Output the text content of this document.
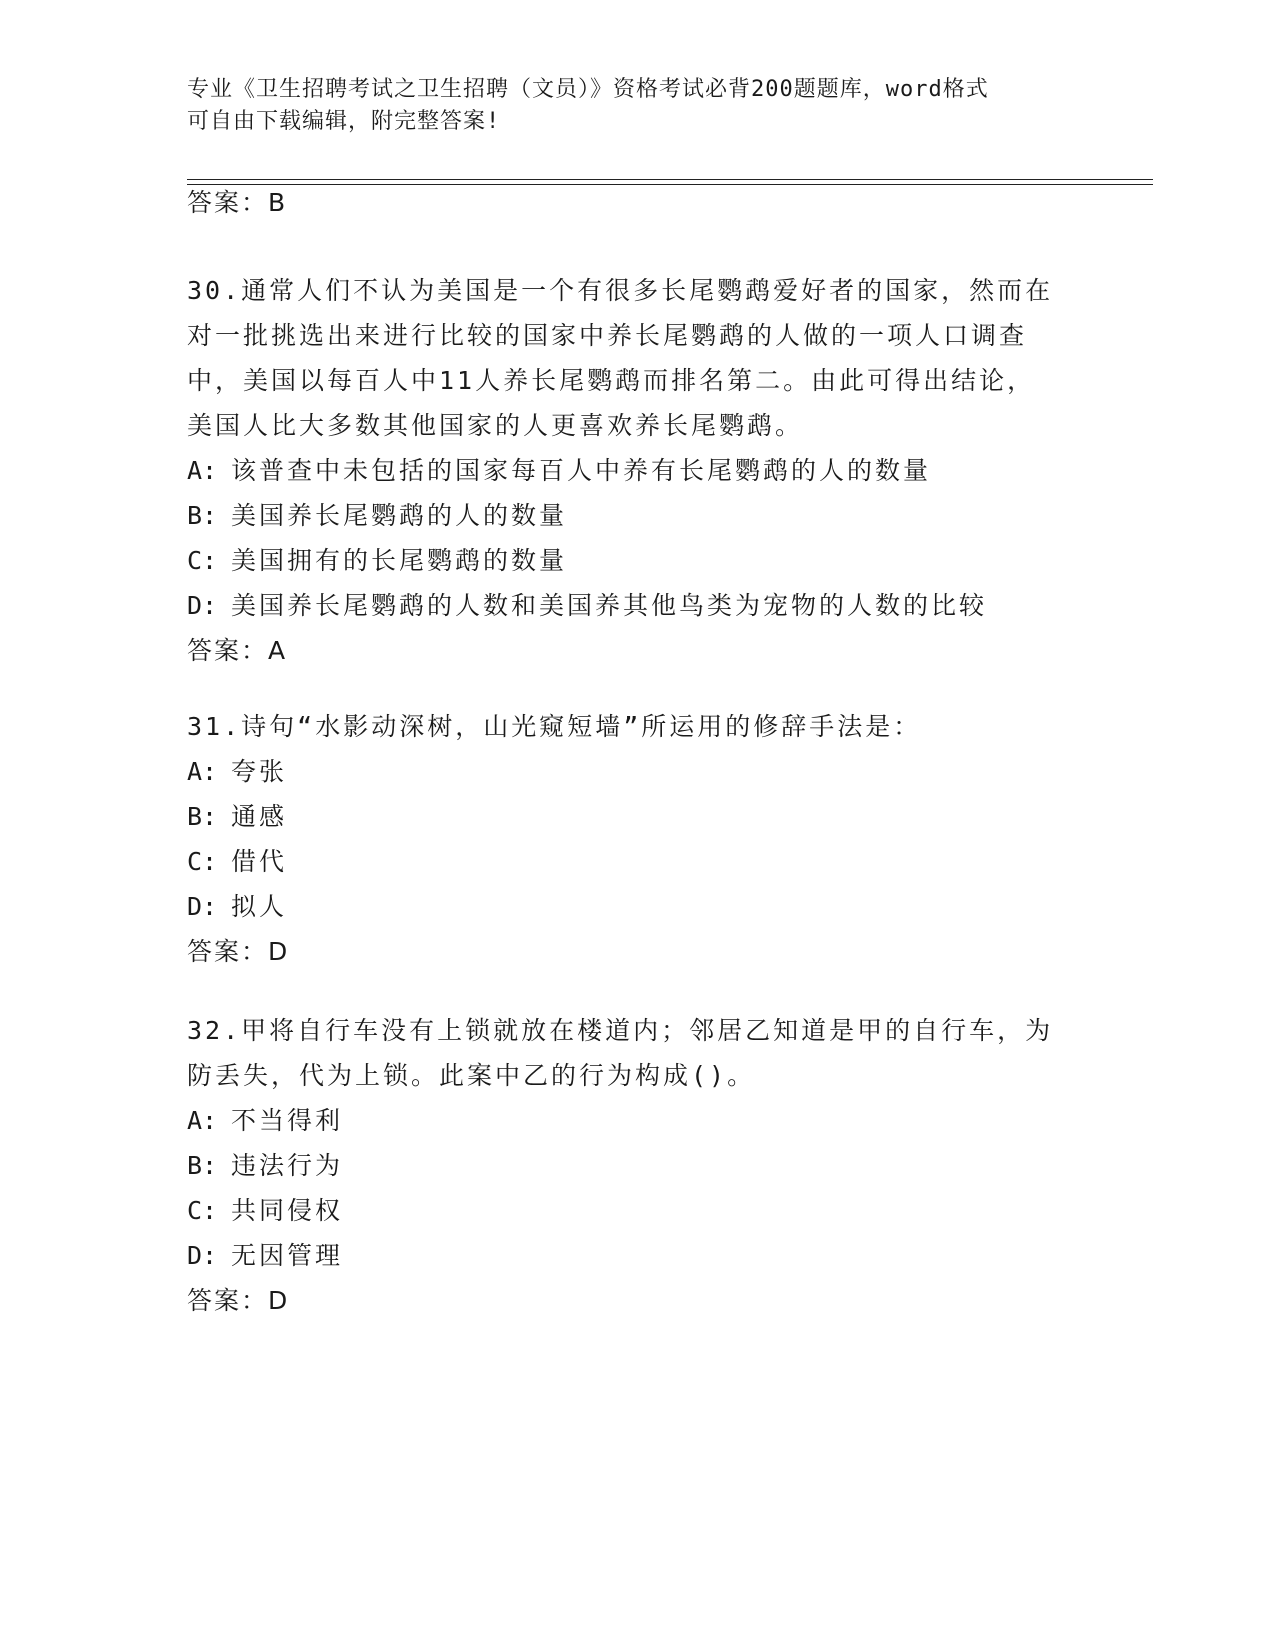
专业《卫生招聘考试之卫生招聘（文员）》资格考试必背200题题库，word格式
可自由下载编辑，附完整答案!
答案：B
30.通常人们不认为美国是一个有很多长尾鹦鹉爱好者的国家，然而在
对一批挑选出来进行比较的国家中养长尾鹦鹉的人做的一项人口调查
中，美国以每百人中11人养长尾鹦鹉而排名第二。由此可得出结论，
美国人比大多数其他国家的人更喜欢养长尾鹦鹉。
A: 该普查中未包括的国家每百人中养有长尾鹦鹉的人的数量
B: 美国养长尾鹦鹉的人的数量
C: 美国拥有的长尾鹦鹉的数量
D: 美国养长尾鹦鹉的人数和美国养其他鸟类为宠物的人数的比较
答案：A
31.诗句“水影动深树，山光窥短墙”所运用的修辞手法是：
A: 夸张
B: 通感
C: 借代
D: 拟人
答案：D
32.甲将自行车没有上锁就放在楼道内；邻居乙知道是甲的自行车，为
防丢失，代为上锁。此案中乙的行为构成()。
A: 不当得利
B: 违法行为
C: 共同侵权
D: 无因管理
答案：D
